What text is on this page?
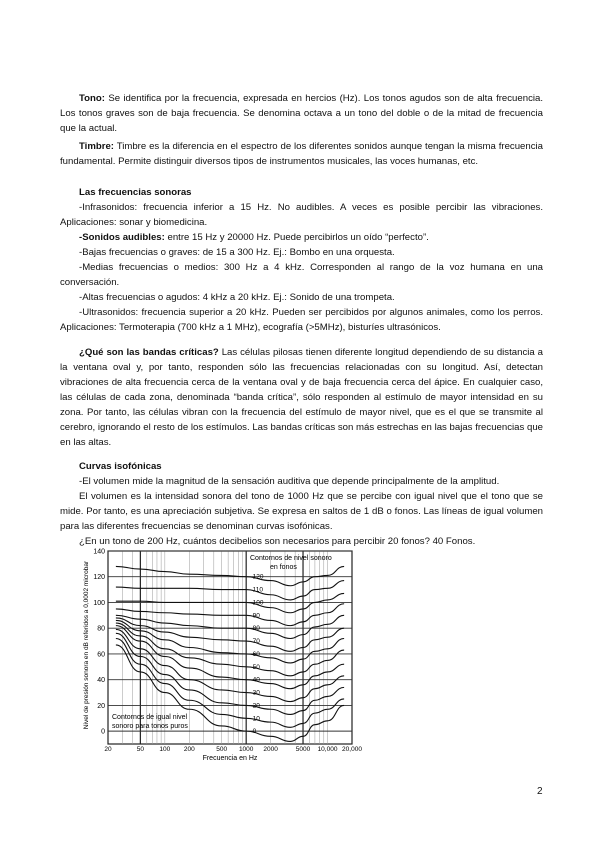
Tono: Se identifica por la frecuencia, expresada en hercios (Hz). Los tonos agudos son de alta frecuencia. Los tonos graves son de baja frecuencia. Se denomina octava a un tono del doble o de la mitad de frecuencia que la actual.

Timbre: Timbre es la diferencia en el espectro de los diferentes sonidos aunque tengan la misma frecuencia fundamental. Permite distinguir diversos tipos de instrumentos musicales, las voces humanas, etc.

Las frecuencias sonoras

-Infrasonidos: frecuencia inferior a 15 Hz. No audibles. A veces es posible percibir las vibraciones. Aplicaciones: sonar y biomedicina.

-Sonidos audibles: entre 15 Hz y 20000 Hz. Puede percibirlos un oído “perfecto”.

-Bajas frecuencias o graves: de 15 a 300 Hz. Ej.: Bombo en una orquesta.

-Medias frecuencias o medios: 300 Hz a 4 kHz. Corresponden al rango de la voz humana en una conversación.

-Altas frecuencias o agudos: 4 kHz a 20 kHz. Ej.: Sonido de una trompeta.

-Ultrasonidos: frecuencia superior a 20 kHz. Pueden ser percibidos por algunos animales, como los perros. Aplicaciones: Termoterapia (700 kHz a 1 MHz), ecografía (>5MHz), bisturíes ultrasónicos.

¿Qué son las bandas críticas? Las células pilosas tienen diferente longitud dependiendo de su distancia a la ventana oval y, por tanto, responden sólo las frecuencias relacionadas con su longitud. Así, detectan vibraciones de alta frecuencia cerca de la ventana oval y de baja frecuencia cerca del ápice. En cualquier caso, las células de cada zona, denominada “banda crítica”, sólo responden al estímulo de mayor intensidad en su zona. Por tanto, las células vibran con la frecuencia del estímulo de mayor nivel, que es el que se transmite al cerebro, ignorando el resto de los estímulos. Las bandas críticas son más estrechas en las bajas frecuencias que en las altas.

Curvas isofónicas

-El volumen mide la magnitud de la sensación auditiva que depende principalmente de la amplitud.

El volumen es la intensidad sonora del tono de 1000 Hz que se percibe con igual nivel que el tono que se mide. Por tanto, es una apreciación subjetiva. Se expresa en saltos de 1 dB o fonos. Las líneas de igual volumen para las diferentes frecuencias se denominan curvas isofónicas.

¿En un tono de 200 Hz, cuántos decibelios son necesarios para percibir 20 fonos? 40 Fonos.

140
120
100
80
60
40
20
0
20	50 100 200	500 1000 2000	5000 10,000 20,000
120
110
100
90
80
70
60
50
40
30
20
10
0
Contornos de nivel sonoro en fonos
Contornos de igual nivel sonoro para tonos puros
Frecuencia en Hz
Nivel de presión sonora en dB referidos a 0,0002 microbar
2
